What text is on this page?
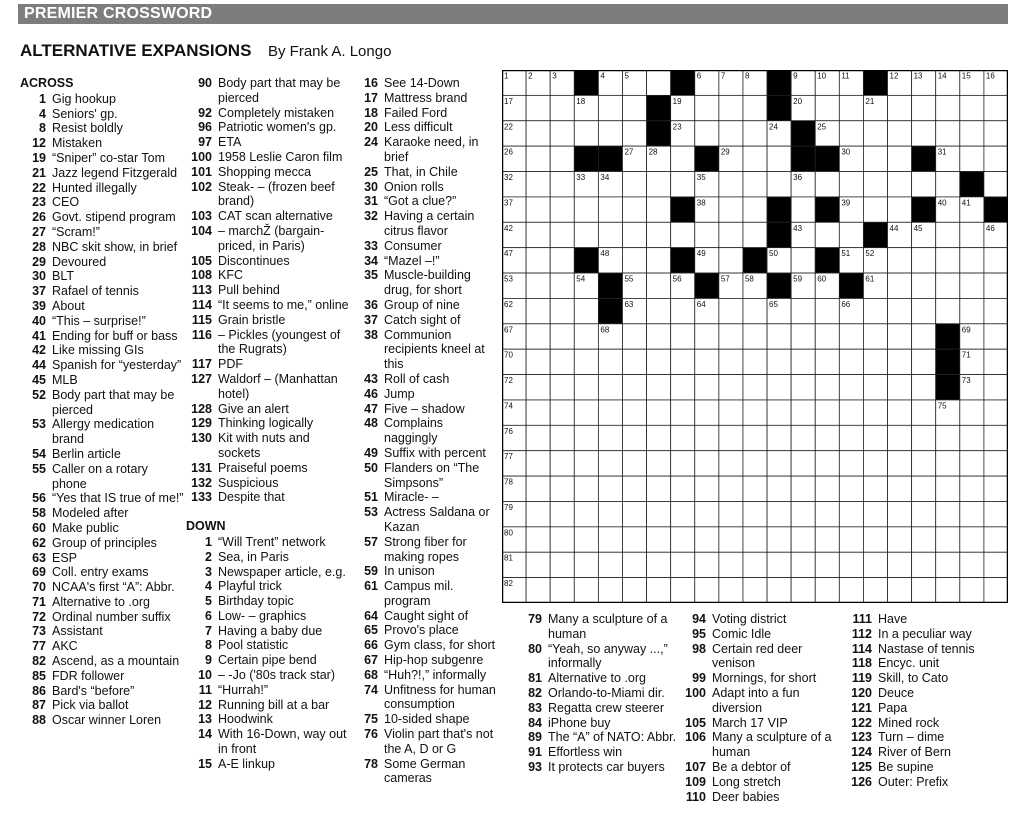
PREMIER CROSSWORD
ALTERNATIVE EXPANSIONS By Frank A. Longo
ACROSS
1 Gig hookup
4 Seniors' gp.
8 Resist boldly
12 Mistaken
19 “Sniper” co-star Tom
21 Jazz legend Fitzgerald
22 Hunted illegally
23 CEO
26 Govt. stipend program
27 “Scram!”
28 NBC skit show, in brief
29 Devoured
30 BLT
37 Rafael of tennis
39 About
40 “This – surprise!”
41 Ending for buff or bass
42 Like missing GIs
44 Spanish for “yesterday”
45 MLB
52 Body part that may be pierced
53 Allergy medication brand
54 Berlin article
55 Caller on a rotary phone
56 “Yes that IS true of me!”
58 Modeled after
60 Make public
62 Group of principles
63 ESP
69 Coll. entry exams
70 NCAA's first “A”: Abbr.
71 Alternative to .org
72 Ordinal number suffix
73 Assistant
77 AKC
82 Ascend, as a mountain
85 FDR follower
86 Bard's “before”
87 Pick via ballot
88 Oscar winner Loren
90 Body part that may be pierced
92 Completely mistaken
96 Patriotic women's gp.
97 ETA
100 1958 Leslie Caron film
101 Shopping mecca
102 Steak- – (frozen beef brand)
103 CAT scan alternative
104 – marchŽ (bargain-priced, in Paris)
105 Discontinues
108 KFC
113 Pull behind
114 “It seems to me,” online
115 Grain bristle
116 – Pickles (youngest of the Rugrats)
117 PDF
127 Waldorf – (Manhattan hotel)
128 Give an alert
129 Thinking logically
130 Kit with nuts and sockets
131 Praiseful poems
132 Suspicious
133 Despite that
DOWN
1 “Will Trent” network
2 Sea, in Paris
3 Newspaper article, e.g.
4 Playful trick
5 Birthday topic
6 Low- – graphics
7 Having a baby due
8 Pool statistic
9 Certain pipe bend
10 – -Jo ('80s track star)
11 “Hurrah!”
12 Running bill at a bar
13 Hoodwink
14 With 16-Down, way out in front
15 A-E linkup
16 See 14-Down
17 Mattress brand
18 Failed Ford
20 Less difficult
24 Karaoke need, in brief
25 That, in Chile
30 Onion rolls
31 “Got a clue?”
32 Having a certain citrus flavor
33 Consumer
34 “Mazel –!”
35 Muscle-building drug, for short
36 Group of nine
37 Catch sight of
38 Communion recipients kneel at this
43 Roll of cash
46 Jump
47 Five – shadow
48 Complains naggingly
49 Suffix with percent
50 Flanders on “The Simpsons”
51 Miracle- –
53 Actress Saldana or Kazan
57 Strong fiber for making ropes
59 In unison
61 Campus mil. program
64 Caught sight of
65 Provo's place
66 Gym class, for short
67 Hip-hop subgenre
68 “Huh?!,” informally
74 Unfitness for human consumption
75 10-sided shape
76 Violin part that's not the A, D or G
78 Some German cameras
79 Many a sculpture of a human
80 “Yeah, so anyway ...,” informally
81 Alternative to .org
82 Orlando-to-Miami dir.
83 Regatta crew steerer
84 iPhone buy
89 The “A” of NATO: Abbr.
91 Effortless win
93 It protects car buyers
94 Voting district
95 Comic Idle
98 Certain red deer venison
99 Mornings, for short
100 Adapt into a fun diversion
105 March 17 VIP
106 Many a sculpture of a human
107 Be a debtor of
109 Long stretch
110 Deer babies
111 Have
112 In a peculiar way
114 Nastase of tennis
118 Encyc. unit
119 Skill, to Cato
120 Deuce
121 Papa
122 Mined rock
123 Turn – dime
124 River of Bern
125 Be supine
126 Outer: Prefix
1 2 3	4 5	6 7 8	9 10 11	12 13 14 15 16
17	18	19	20	21
22	23	24	25
26	27 28	29	30	31
32	33 34	35	36
37	38	39	40 41
42	43	44 45	46
47	48	49	50	51 52
53	54	55	56	57 58	59 60	61
62	63	64	65	66
67	68	69
70	71
72	73
74	75
76
77
78
79
80
81
82
